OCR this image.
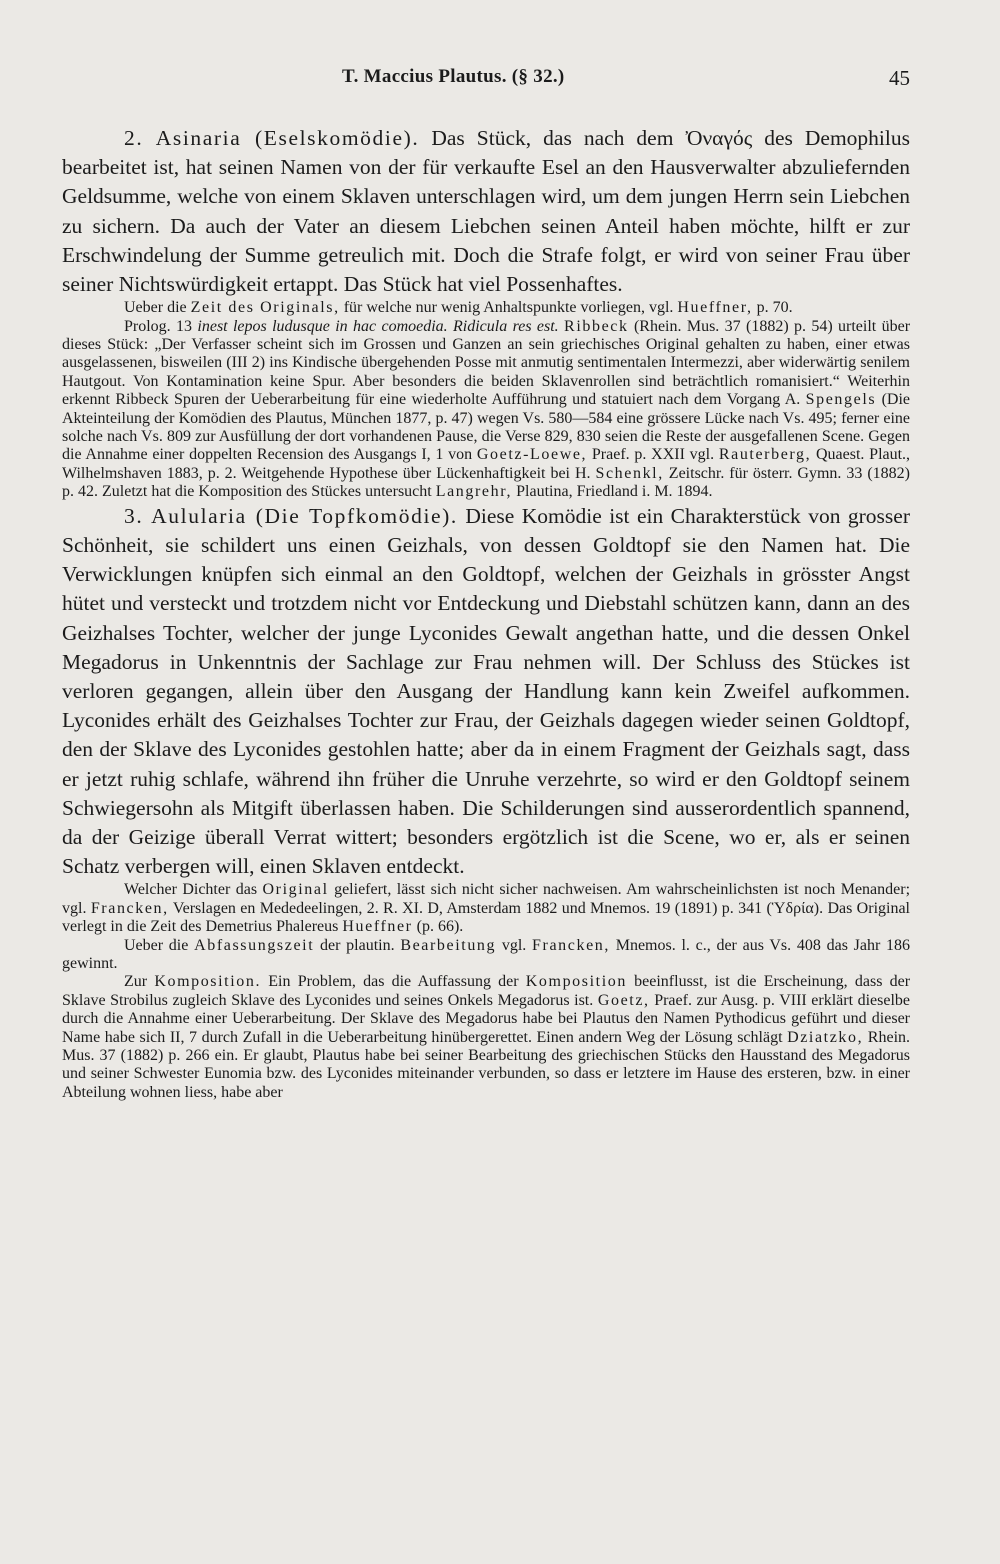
T. Maccius Plautus. (§ 32.)	45

2. Asinaria (Eselskomödie). Das Stück, das nach dem Ὀναγός des Demophilus bearbeitet ist, hat seinen Namen von der für verkaufte Esel an den Hausverwalter abzuliefernden Geldsumme, welche von einem Sklaven unterschlagen wird, um dem jungen Herrn sein Liebchen zu sichern. Da auch der Vater an diesem Liebchen seinen Anteil haben möchte, hilft er zur Erschwindelung der Summe getreulich mit. Doch die Strafe folgt, er wird von seiner Frau über seiner Nichtswürdigkeit ertappt. Das Stück hat viel Possenhaftes.

Ueber die Zeit des Originals, für welche nur wenig Anhaltspunkte vorliegen, vgl. Hueffner, p. 70.

Prolog. 13 inest lepos ludusque in hac comoedia. Ridicula res est. Ribbeck (Rhein. Mus. 37 (1882) p. 54) urteilt über dieses Stück: „Der Verfasser scheint sich im Grossen und Ganzen an sein griechisches Original gehalten zu haben, einer etwas ausgelassenen, bisweilen (III 2) ins Kindische übergehenden Posse mit anmutig sentimentalen Intermezzi, aber widerwärtig senilem Hautgout. Von Kontamination keine Spur. Aber besonders die beiden Sklavenrollen sind beträchtlich romanisiert.“ Weiterhin erkennt Ribbeck Spuren der Ueberarbeitung für eine wiederholte Aufführung und statuiert nach dem Vorgang A. Spengels (Die Akteinteilung der Komödien des Plautus, München 1877, p. 47) wegen Vs. 580—584 eine grössere Lücke nach Vs. 495; ferner eine solche nach Vs. 809 zur Ausfüllung der dort vorhandenen Pause, die Verse 829, 830 seien die Reste der ausgefallenen Scene. Gegen die Annahme einer doppelten Recension des Ausgangs I, 1 von Goetz-Loewe, Praef. p. XXII vgl. Rauterberg, Quaest. Plaut., Wilhelmshaven 1883, p. 2. Weitgehende Hypothese über Lückenhaftigkeit bei H. Schenkl, Zeitschr. für österr. Gymn. 33 (1882) p. 42. Zuletzt hat die Komposition des Stückes untersucht Langrehr, Plautina, Friedland i. M. 1894.

3. Aulularia (Die Topfkomödie). Diese Komödie ist ein Charakterstück von grosser Schönheit, sie schildert uns einen Geizhals, von dessen Goldtopf sie den Namen hat. Die Verwicklungen knüpfen sich einmal an den Goldtopf, welchen der Geizhals in grösster Angst hütet und versteckt und trotzdem nicht vor Entdeckung und Diebstahl schützen kann, dann an des Geizhalses Tochter, welcher der junge Lyconides Gewalt angethan hatte, und die dessen Onkel Megadorus in Unkenntnis der Sachlage zur Frau nehmen will. Der Schluss des Stückes ist verloren gegangen, allein über den Ausgang der Handlung kann kein Zweifel aufkommen. Lyconides erhält des Geizhalses Tochter zur Frau, der Geizhals dagegen wieder seinen Goldtopf, den der Sklave des Lyconides gestohlen hatte; aber da in einem Fragment der Geizhals sagt, dass er jetzt ruhig schlafe, während ihn früher die Unruhe verzehrte, so wird er den Goldtopf seinem Schwiegersohn als Mitgift überlassen haben. Die Schilderungen sind ausserordentlich spannend, da der Geizige überall Verrat wittert; besonders ergötzlich ist die Scene, wo er, als er seinen Schatz verbergen will, einen Sklaven entdeckt.

Welcher Dichter das Original geliefert, lässt sich nicht sicher nachweisen. Am wahrscheinlichsten ist noch Menander; vgl. Francken, Verslagen en Mededeelingen, 2. R. XI. D, Amsterdam 1882 und Mnemos. 19 (1891) p. 341 (Ὑδρία). Das Original verlegt in die Zeit des Demetrius Phalereus Hueffner (p. 66).

Ueber die Abfassungszeit der plautin. Bearbeitung vgl. Francken, Mnemos. l. c., der aus Vs. 408 das Jahr 186 gewinnt.

Zur Komposition. Ein Problem, das die Auffassung der Komposition beeinflusst, ist die Erscheinung, dass der Sklave Strobilus zugleich Sklave des Lyconides und seines Onkels Megadorus ist. Goetz, Praef. zur Ausg. p. VIII erklärt dieselbe durch die Annahme einer Ueberarbeitung. Der Sklave des Megadorus habe bei Plautus den Namen Pythodicus geführt und dieser Name habe sich II, 7 durch Zufall in die Ueberarbeitung hinübergerettet. Einen andern Weg der Lösung schlägt Dziatzko, Rhein. Mus. 37 (1882) p. 266 ein. Er glaubt, Plautus habe bei seiner Bearbeitung des griechischen Stücks den Hausstand des Megadorus und seiner Schwester Eunomia bzw. des Lyconides miteinander verbunden, so dass er letztere im Hause des ersteren, bzw. in einer Abteilung wohnen liess, habe aber
